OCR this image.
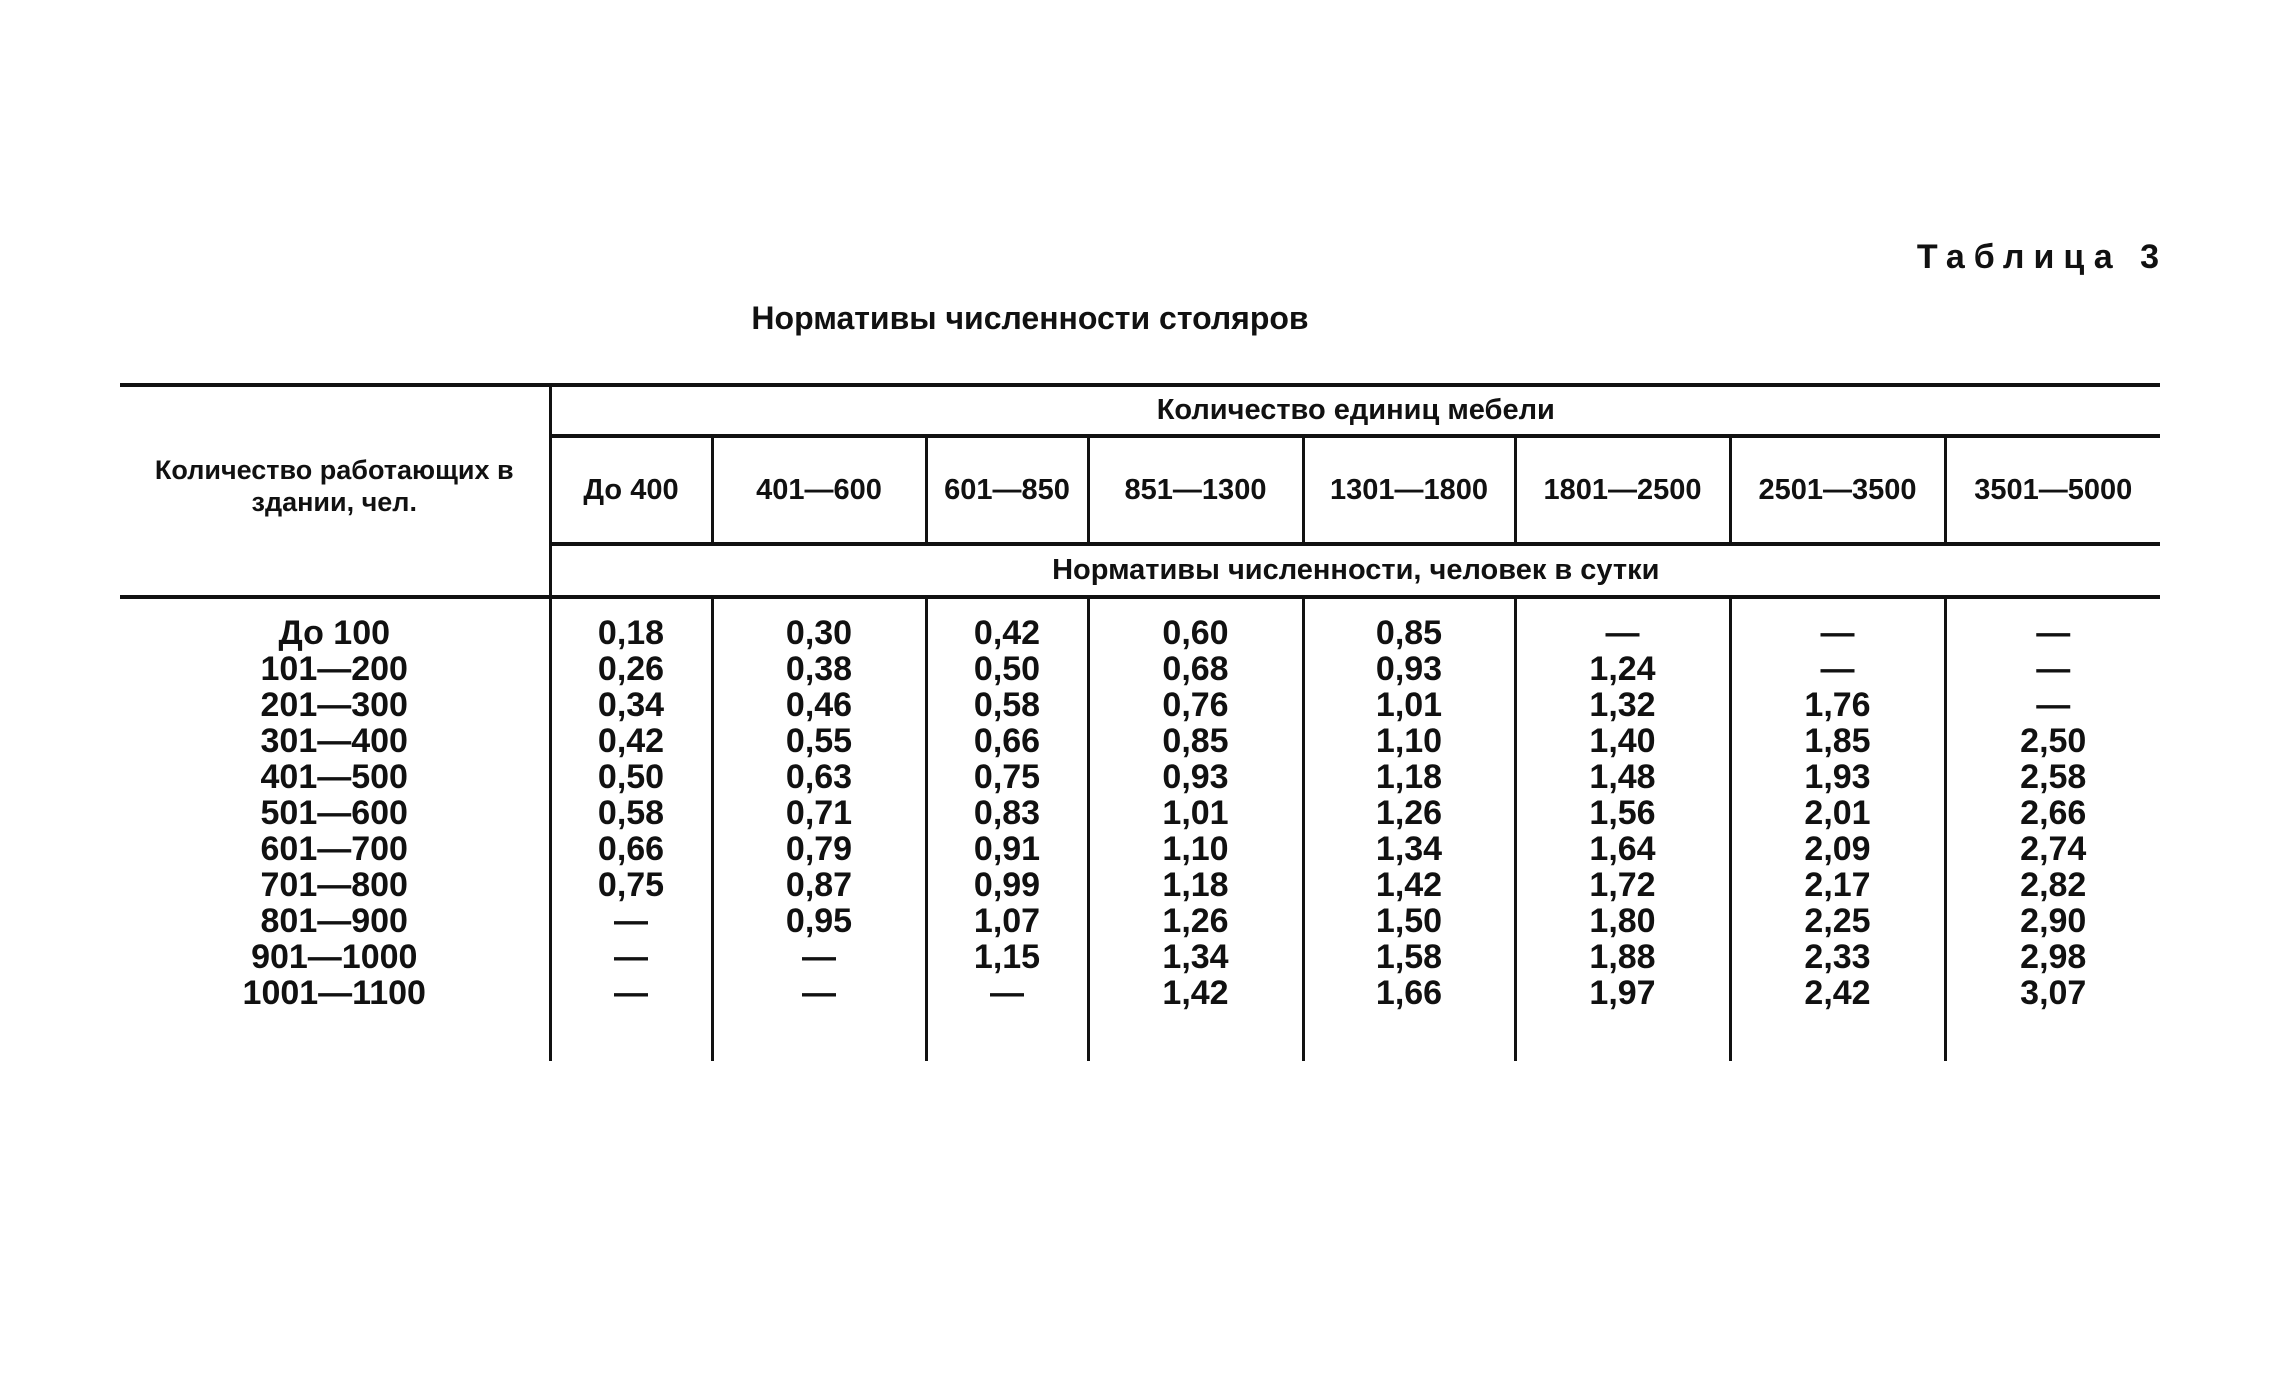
Таблица 3
Нормативы численности столяров
Количество работающих в здании, чел.	Количество единиц мебели							
	До 400	401—600	601—850	851—1300	1301—1800	1801—2500	2501—3500	3501—5000
	Нормативы численности, человек в сутки							
До 100	0,18	0,30	0,42	0,60	0,85	—	—	—
101—200	0,26	0,38	0,50	0,68	0,93	1,24	—	—
201—300	0,34	0,46	0,58	0,76	1,01	1,32	1,76	—
301—400	0,42	0,55	0,66	0,85	1,10	1,40	1,85	2,50
401—500	0,50	0,63	0,75	0,93	1,18	1,48	1,93	2,58
501—600	0,58	0,71	0,83	1,01	1,26	1,56	2,01	2,66
601—700	0,66	0,79	0,91	1,10	1,34	1,64	2,09	2,74
701—800	0,75	0,87	0,99	1,18	1,42	1,72	2,17	2,82
801—900	—	0,95	1,07	1,26	1,50	1,80	2,25	2,90
901—1000	—	—	1,15	1,34	1,58	1,88	2,33	2,98
1001—1100	—	—	—	1,42	1,66	1,97	2,42	3,07
